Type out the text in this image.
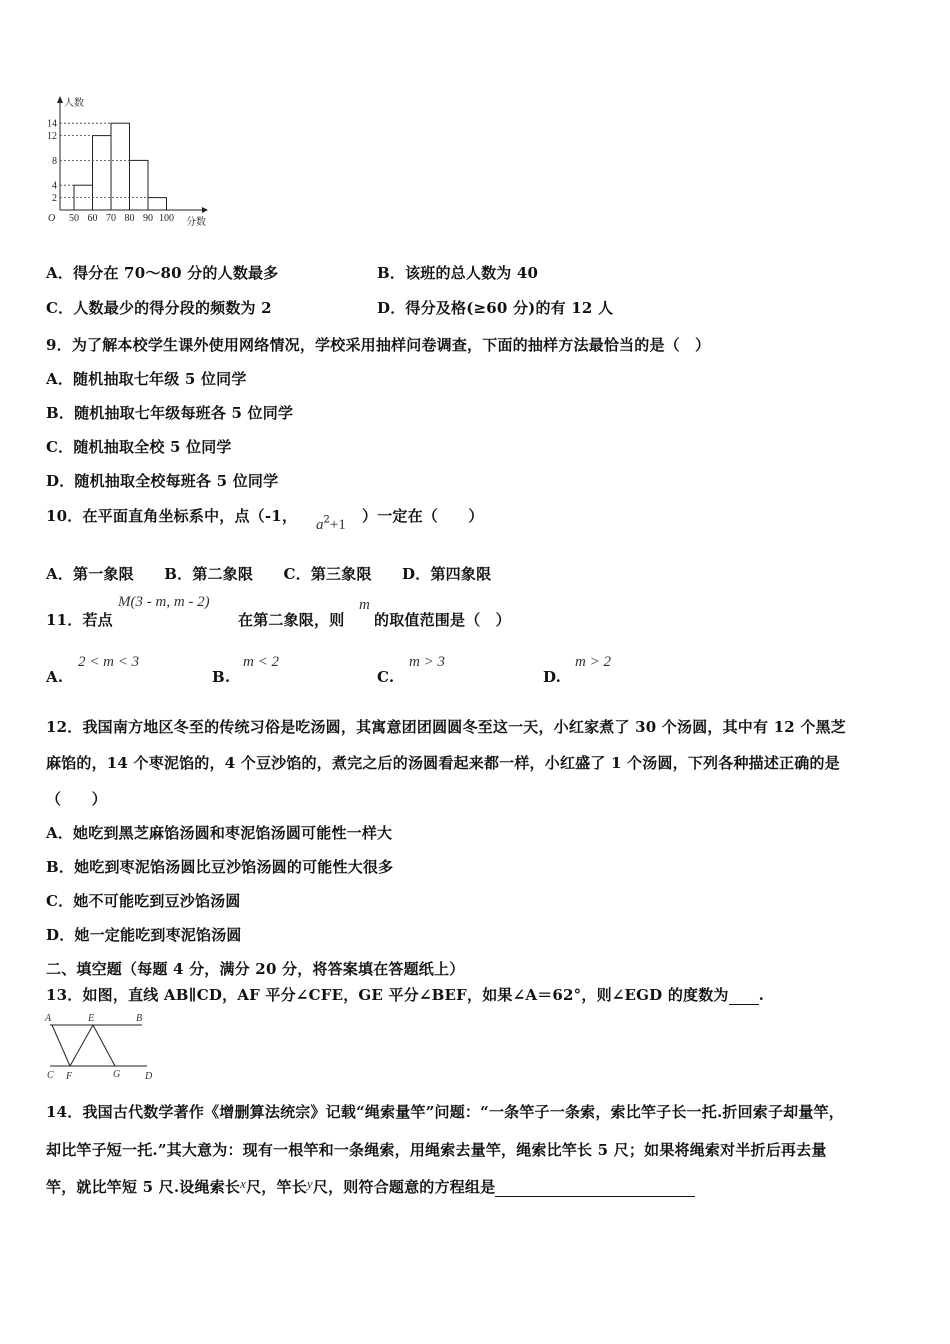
人数
分数
O
2
4
8
12
14
50 60 70 80 90 100
A．得分在 70～80 分的人数最多	B．该班的总人数为 40
C．人数最少的得分段的频数为 2	D．得分及格(≥60 分)的有 12 人
9．为了解本校学生课外使用网络情况，学校采用抽样问卷调查，下面的抽样方法最恰当的是（　）
A．随机抽取七年级 5 位同学
B．随机抽取七年级每班各 5 位同学
C．随机抽取全校 5 位同学
D．随机抽取全校每班各 5 位同学
10．在平面直角坐标系中，点（-1， $a^2+1$ ）一定在（　　）
A．第一象限　　B．第二象限　　C．第三象限　　D．第四象限
11．若点
M(3 - m, m - 2)
在第二象限，则
m
的取值范围是（　）
A.
2 < m < 3
B.
m < 2
C.
m > 3
D.
m > 2
12．我国南方地区冬至的传统习俗是吃汤圆，其寓意团团圆圆冬至这一天，小红家煮了 30 个汤圆，其中有 12 个黑芝
麻馅的，14 个枣泥馅的，4 个豆沙馅的，煮完之后的汤圆看起来都一样，小红盛了 1 个汤圆，下列各种描述正确的是
（　　）
A．她吃到黑芝麻馅汤圆和枣泥馅汤圆可能性一样大
B．她吃到枣泥馅汤圆比豆沙馅汤圆的可能性大很多
C．她不可能吃到豆沙馅汤圆
D．她一定能吃到枣泥馅汤圆
二、填空题（每题 4 分，满分 20 分，将答案填在答题纸上）
13．如图，直线 AB∥CD，AF 平分∠CFE，GE 平分∠BEF，如果∠A＝62°，则∠EGD 的度数为 .
A	E	B
C F	G D
14．我国古代数学著作《增删算法统宗》记载“绳索量竿”问题：“一条竿子一条索，索比竿子长一托.折回索子却量竿，
却比竿子短一托.”其大意为：现有一根竿和一条绳索，用绳索去量竿，绳索比竿长 5 尺；如果将绳索对半折后再去量
竿，就比竿短 5 尺.设绳索长x尺，竿长y尺，则符合题意的方程组是
